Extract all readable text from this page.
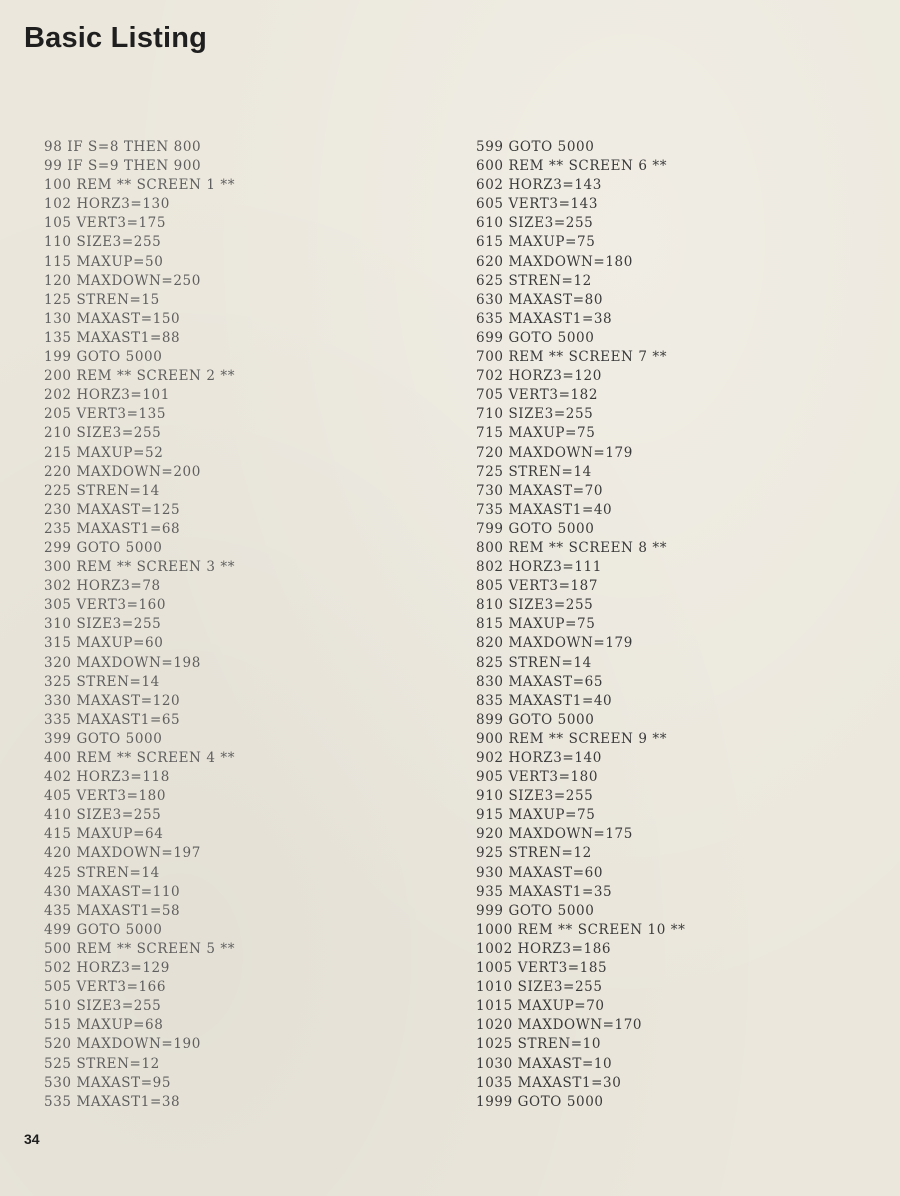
Basic Listing
98 IF S=8 THEN 800
99 IF S=9 THEN 900
100 REM ** SCREEN 1 **
102 HORZ3=130
105 VERT3=175
110 SIZE3=255
115 MAXUP=50
120 MAXDOWN=250
125 STREN=15
130 MAXAST=150
135 MAXAST1=88
199 GOTO 5000
200 REM ** SCREEN 2 **
202 HORZ3=101
205 VERT3=135
210 SIZE3=255
215 MAXUP=52
220 MAXDOWN=200
225 STREN=14
230 MAXAST=125
235 MAXAST1=68
299 GOTO 5000
300 REM ** SCREEN 3 **
302 HORZ3=78
305 VERT3=160
310 SIZE3=255
315 MAXUP=60
320 MAXDOWN=198
325 STREN=14
330 MAXAST=120
335 MAXAST1=65
399 GOTO 5000
400 REM ** SCREEN 4 **
402 HORZ3=118
405 VERT3=180
410 SIZE3=255
415 MAXUP=64
420 MAXDOWN=197
425 STREN=14
430 MAXAST=110
435 MAXAST1=58
499 GOTO 5000
500 REM ** SCREEN 5 **
502 HORZ3=129
505 VERT3=166
510 SIZE3=255
515 MAXUP=68
520 MAXDOWN=190
525 STREN=12
530 MAXAST=95
535 MAXAST1=38
599 GOTO 5000
600 REM ** SCREEN 6 **
602 HORZ3=143
605 VERT3=143
610 SIZE3=255
615 MAXUP=75
620 MAXDOWN=180
625 STREN=12
630 MAXAST=80
635 MAXAST1=38
699 GOTO 5000
700 REM ** SCREEN 7 **
702 HORZ3=120
705 VERT3=182
710 SIZE3=255
715 MAXUP=75
720 MAXDOWN=179
725 STREN=14
730 MAXAST=70
735 MAXAST1=40
799 GOTO 5000
800 REM ** SCREEN 8 **
802 HORZ3=111
805 VERT3=187
810 SIZE3=255
815 MAXUP=75
820 MAXDOWN=179
825 STREN=14
830 MAXAST=65
835 MAXAST1=40
899 GOTO 5000
900 REM ** SCREEN 9 **
902 HORZ3=140
905 VERT3=180
910 SIZE3=255
915 MAXUP=75
920 MAXDOWN=175
925 STREN=12
930 MAXAST=60
935 MAXAST1=35
999 GOTO 5000
1000 REM ** SCREEN 10 **
1002 HORZ3=186
1005 VERT3=185
1010 SIZE3=255
1015 MAXUP=70
1020 MAXDOWN=170
1025 STREN=10
1030 MAXAST=10
1035 MAXAST1=30
1999 GOTO 5000
34
